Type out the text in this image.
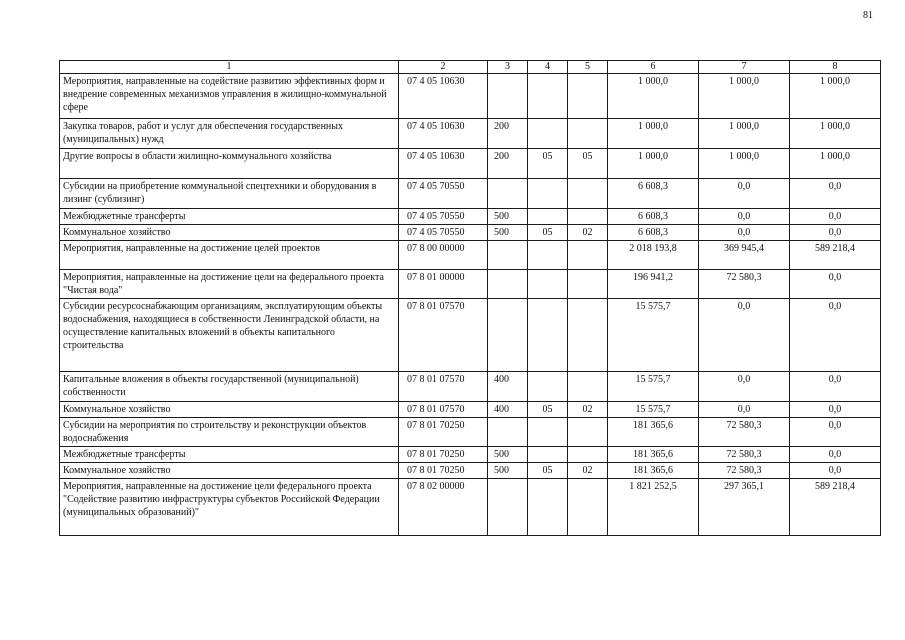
81
1	2	3	4	5	6	7	8
Мероприятия, направленные на содействие развитию эффективных форм и внедрение современных механизмов управления в жилищно-коммунальной сфере	07 4 05 10630				1 000,0	1 000,0	1 000,0
Закупка товаров, работ и услуг для обеспечения государственных (муниципальных) нужд	07 4 05 10630	200			1 000,0	1 000,0	1 000,0
Другие вопросы в области жилищно-коммунального хозяйства	07 4 05 10630	200	05	05	1 000,0	1 000,0	1 000,0
Субсидии на приобретение коммунальной спецтехники и оборудования в лизинг (сублизинг)	07 4 05 70550				6 608,3	0,0	0,0
Межбюджетные трансферты	07 4 05 70550	500			6 608,3	0,0	0,0
Коммунальное хозяйство	07 4 05 70550	500	05	02	6 608,3	0,0	0,0
Мероприятия, направленные на достижение целей проектов	07 8 00 00000				2 018 193,8	369 945,4	589 218,4
Мероприятия, направленные на достижение цели на федерального проекта "Чистая вода"	07 8 01 00000				196 941,2	72 580,3	0,0
Субсидии ресурсоснабжающим организациям, эксплуатирующим объекты водоснабжения, находящиеся в собственности Ленинградской области, на осуществление капитальных вложений в объекты капитального строительства	07 8 01 07570				15 575,7	0,0	0,0
Капитальные вложения в объекты государственной (муниципальной) собственности	07 8 01 07570	400			15 575,7	0,0	0,0
Коммунальное хозяйство	07 8 01 07570	400	05	02	15 575,7	0,0	0,0
Субсидии на мероприятия по строительству и реконструкции объектов водоснабжения	07 8 01 70250				181 365,6	72 580,3	0,0
Межбюджетные трансферты	07 8 01 70250	500			181 365,6	72 580,3	0,0
Коммунальное хозяйство	07 8 01 70250	500	05	02	181 365,6	72 580,3	0,0
Мероприятия, направленные на достижение цели федерального проекта "Содействие развитию инфраструктуры субъектов Российской Федерации (муниципальных образований)"	07 8 02 00000				1 821 252,5	297 365,1	589 218,4
